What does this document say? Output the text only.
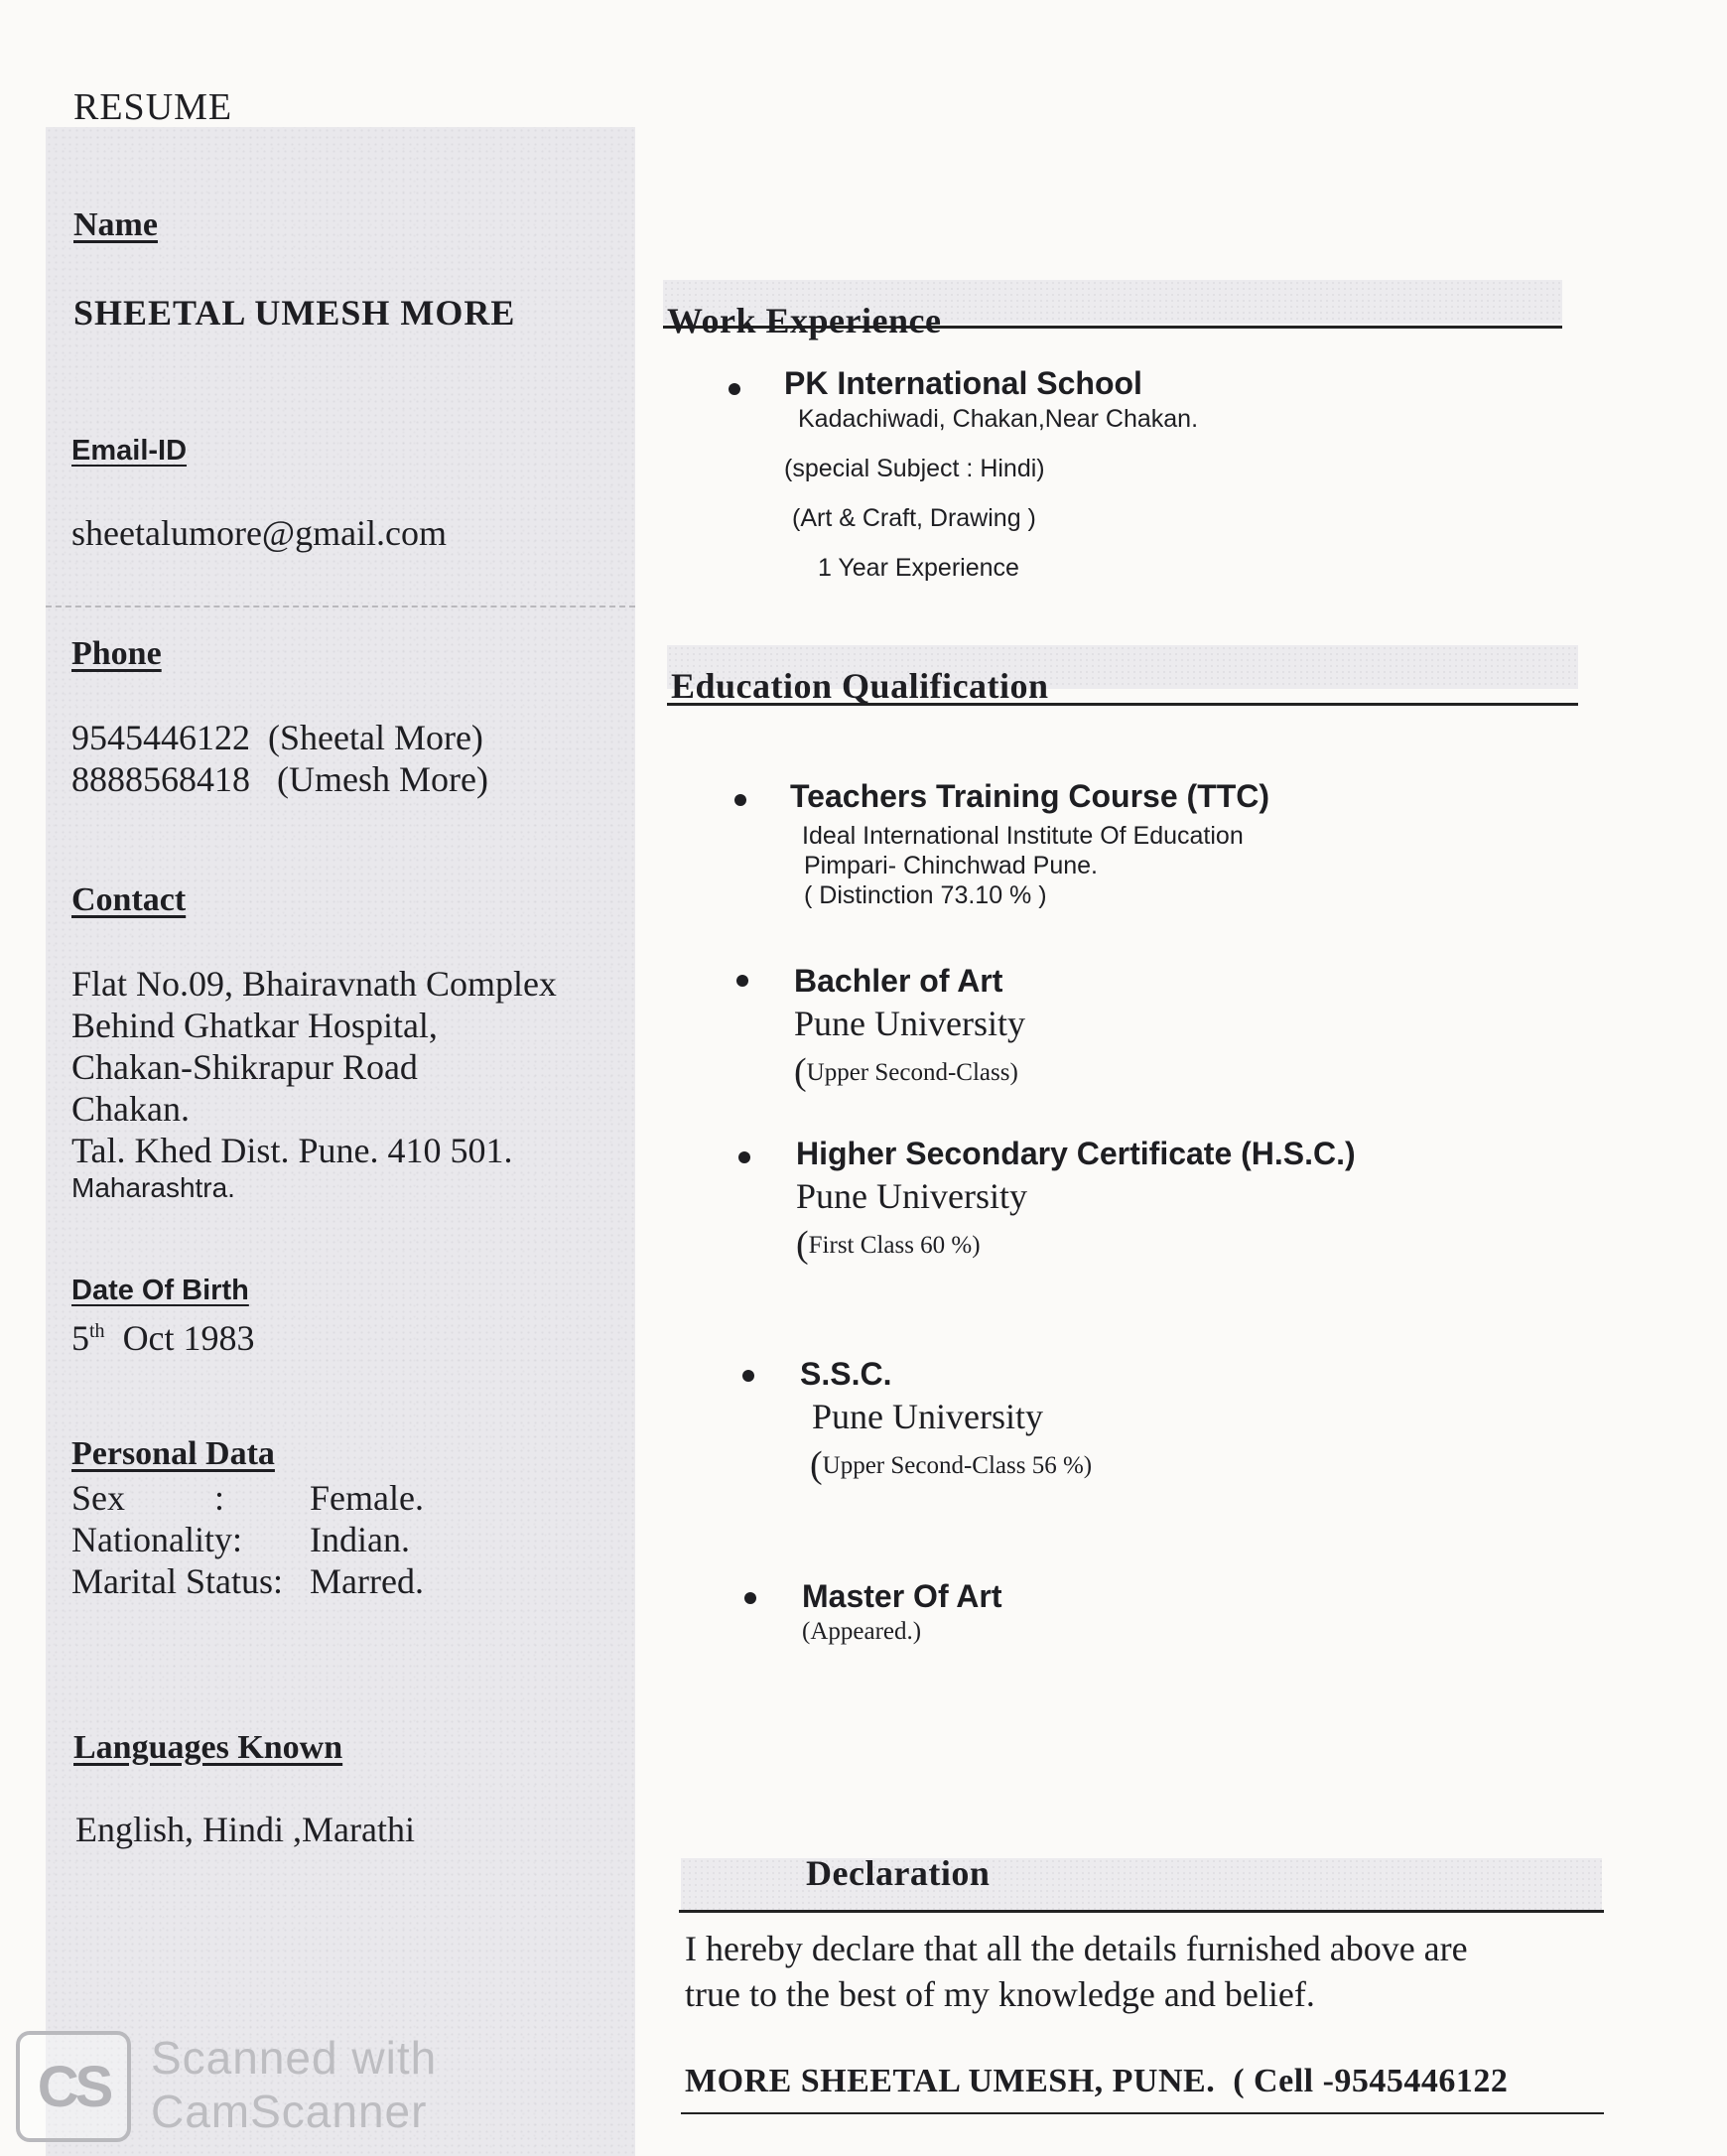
RESUME
Name
SHEETAL UMESH MORE
Email-ID
sheetalumore@gmail.com
Phone
9545446122 (Sheetal More)
8888568418 (Umesh More)
Contact
Flat No.09, Bhairavnath Complex
Behind Ghatkar Hospital,
Chakan-Shikrapur Road
Chakan.
Tal. Khed Dist. Pune. 410 501.
Maharashtra.
Date Of Birth
5th Oct 1983
Personal Data
Sex          :	Female.
Nationality:	Indian.
Marital Status: Marred.
Languages Known
English, Hindi ,Marathi
Work Experience
PK International School
Kadachiwadi, Chakan,Near Chakan.
(special Subject : Hindi)
(Art & Craft, Drawing )
1 Year Experience
Education Qualification
Teachers Training Course (TTC)
Ideal International Institute Of Education
Pimpari- Chinchwad Pune.
( Distinction 73.10 % )
Bachler of Art
Pune University
(Upper Second-Class)
Higher Secondary Certificate (H.S.C.)
Pune University
(First Class 60 %)
S.S.C.
Pune University
(Upper Second-Class 56 %)
Master Of Art
(Appeared.)
Declaration
I hereby declare that all the details furnished above are
true to the best of my knowledge and belief.
MORE SHEETAL UMESH, PUNE.  ( Cell -9545446122
CS Scanned with
CamScanner
